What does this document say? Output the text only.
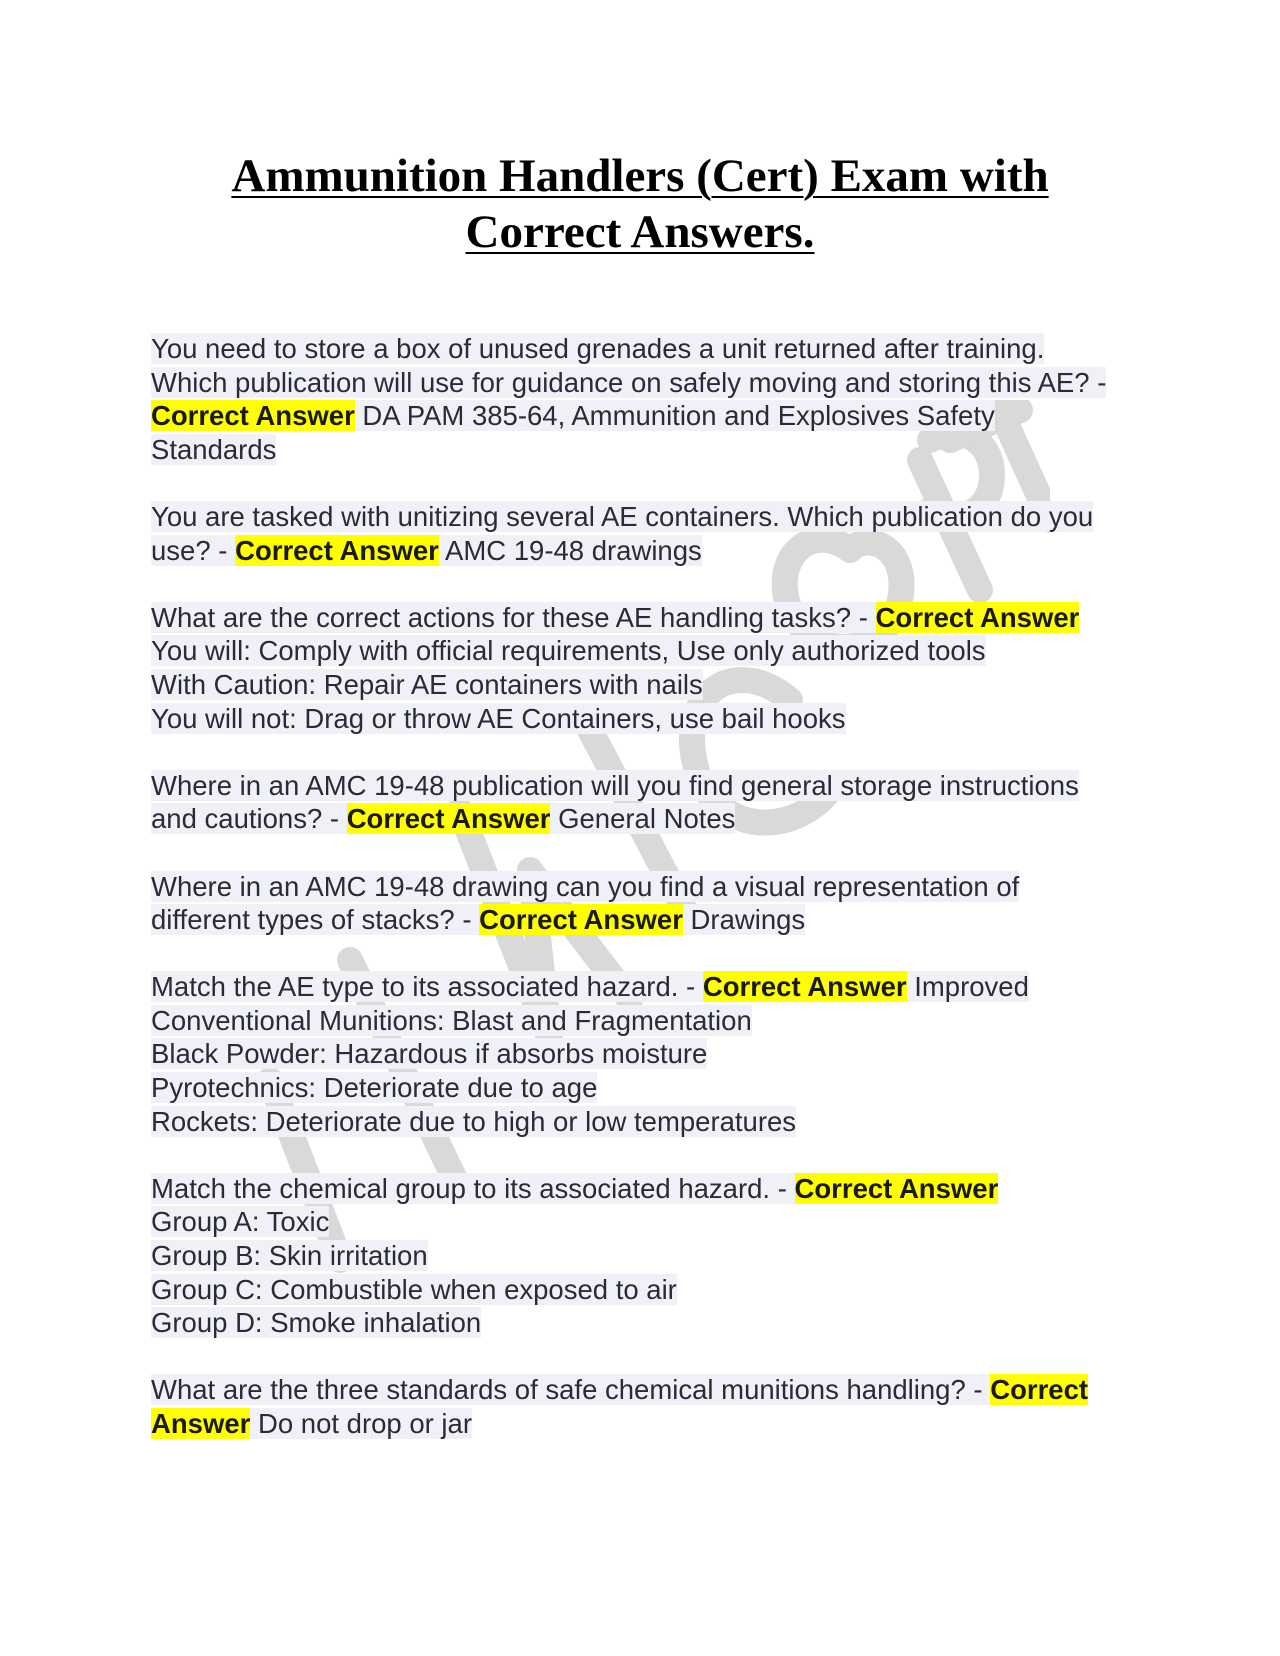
Ammunition Handlers (Cert) Exam with
Correct Answers.

You need to store a box of unused grenades a unit returned after training. Which publication will use for guidance on safely moving and storing this AE? - Correct Answer DA PAM 385-64, Ammunition and Explosives Safety Standards

You are tasked with unitizing several AE containers. Which publication do you use? - Correct Answer AMC 19-48 drawings

What are the correct actions for these AE handling tasks? - Correct Answer You will: Comply with official requirements, Use only authorized tools
With Caution: Repair AE containers with nails
You will not: Drag or throw AE Containers, use bail hooks

Where in an AMC 19-48 publication will you find general storage instructions and cautions? - Correct Answer General Notes

Where in an AMC 19-48 drawing can you find a visual representation of different types of stacks? - Correct Answer Drawings

Match the AE type to its associated hazard. - Correct Answer Improved Conventional Munitions: Blast and Fragmentation
Black Powder: Hazardous if absorbs moisture
Pyrotechnics: Deteriorate due to age
Rockets: Deteriorate due to high or low temperatures

Match the chemical group to its associated hazard. - Correct Answer
Group A: Toxic
Group B: Skin irritation
Group C: Combustible when exposed to air
Group D: Smoke inhalation

What are the three standards of safe chemical munitions handling? - Correct Answer Do not drop or jar
